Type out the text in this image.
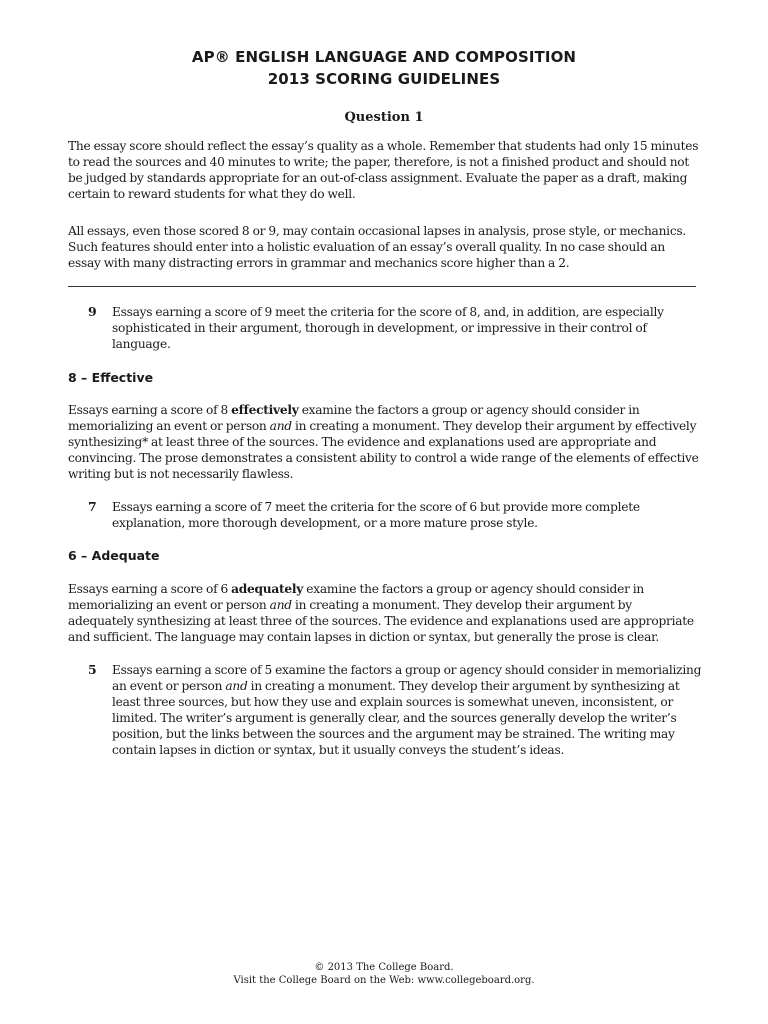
AP® ENGLISH LANGUAGE AND COMPOSITION
2013 SCORING GUIDELINES
Question 1

The essay score should reflect the essay’s quality as a whole. Remember that students had only 15 minutes to read the sources and 40 minutes to write; the paper, therefore, is not a finished product and should not be judged by standards appropriate for an out-of-class assignment. Evaluate the paper as a draft, making certain to reward students for what they do well.

All essays, even those scored 8 or 9, may contain occasional lapses in analysis, prose style, or mechanics. Such features should enter into a holistic evaluation of an essay’s overall quality. In no case should an essay with many distracting errors in grammar and mechanics score higher than a 2.

9 Essays earning a score of 9 meet the criteria for the score of 8, and, in addition, are especially sophisticated in their argument, thorough in development, or impressive in their control of language.

8 – Effective

Essays earning a score of 8 effectively examine the factors a group or agency should consider in memorializing an event or person and in creating a monument. They develop their argument by effectively synthesizing* at least three of the sources. The evidence and explanations used are appropriate and convincing. The prose demonstrates a consistent ability to control a wide range of the elements of effective writing but is not necessarily flawless.

7 Essays earning a score of 7 meet the criteria for the score of 6 but provide more complete explanation, more thorough development, or a more mature prose style.

6 – Adequate

Essays earning a score of 6 adequately examine the factors a group or agency should consider in memorializing an event or person and in creating a monument. They develop their argument by adequately synthesizing at least three of the sources. The evidence and explanations used are appropriate and sufficient. The language may contain lapses in diction or syntax, but generally the prose is clear.

5 Essays earning a score of 5 examine the factors a group or agency should consider in memorializing an event or person and in creating a monument. They develop their argument by synthesizing at least three sources, but how they use and explain sources is somewhat uneven, inconsistent, or limited. The writer’s argument is generally clear, and the sources generally develop the writer’s position, but the links between the sources and the argument may be strained. The writing may contain lapses in diction or syntax, but it usually conveys the student’s ideas.

© 2013 The College Board.
Visit the College Board on the Web: www.collegeboard.org.
